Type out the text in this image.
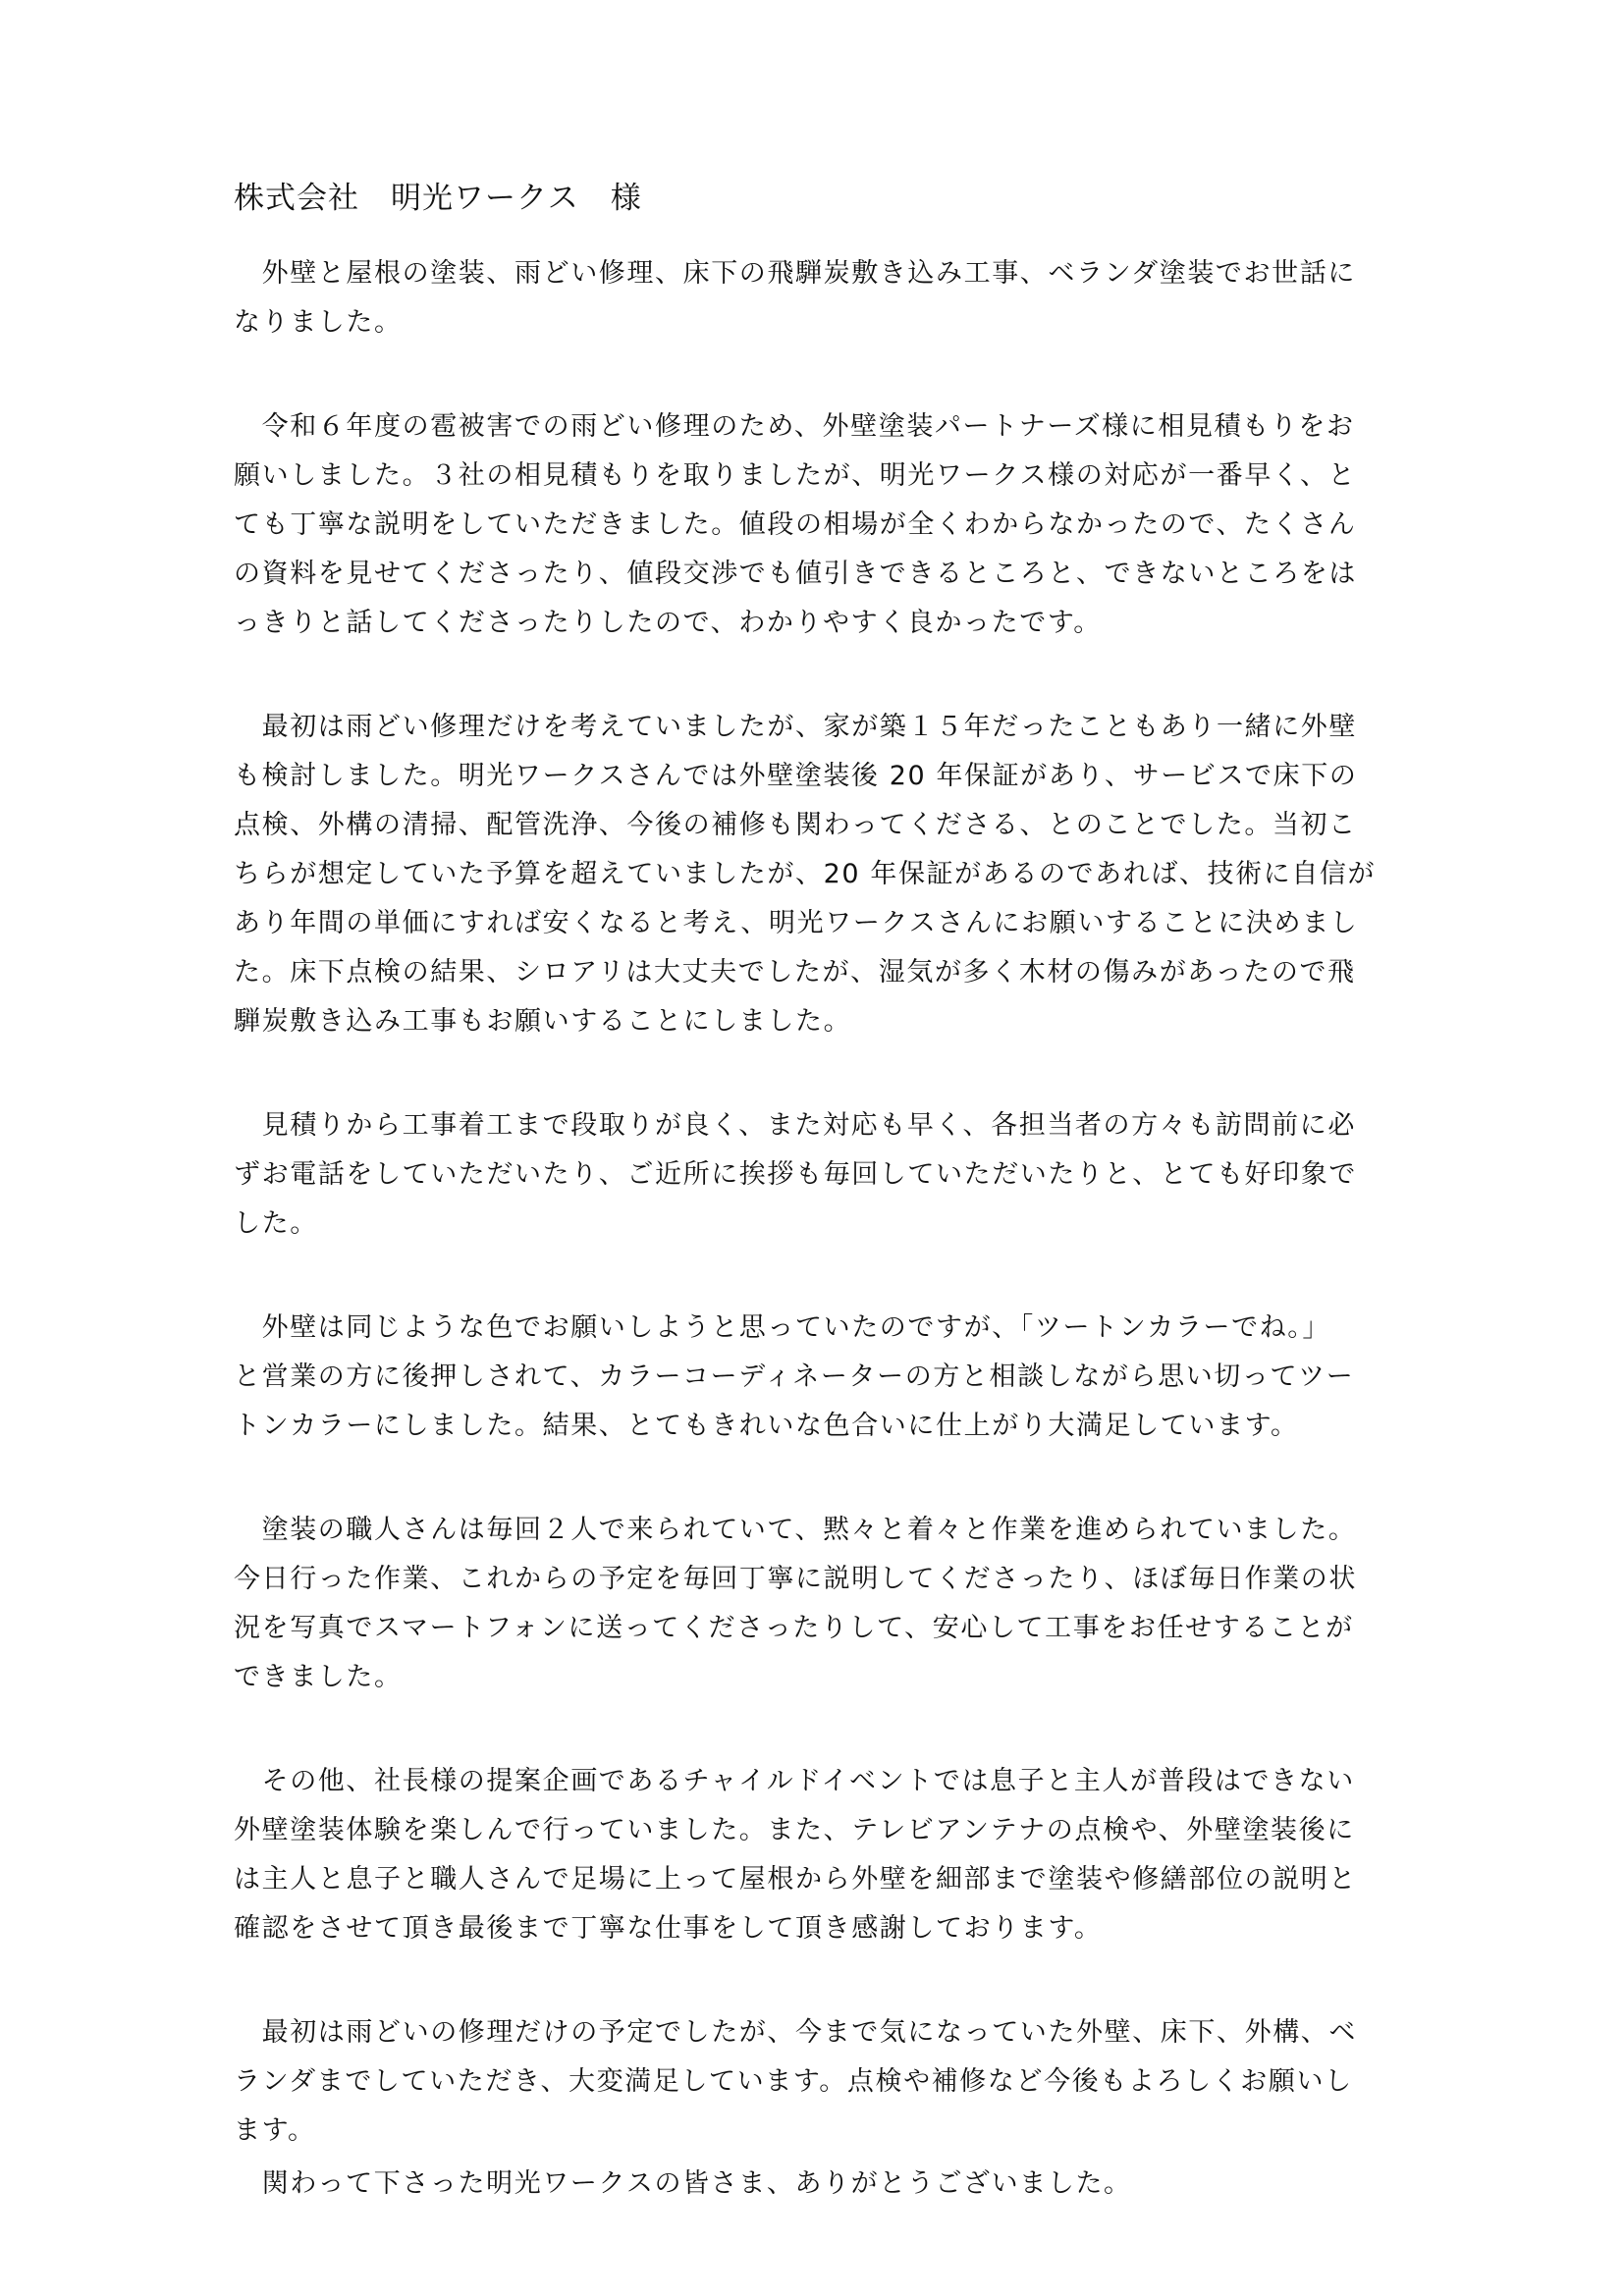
株式会社　明光ワークス　様
　外壁と屋根の塗装、雨どい修理、床下の飛騨炭敷き込み工事、ベランダ塗装でお世話に
なりました。
　令和６年度の雹被害での雨どい修理のため、外壁塗装パートナーズ様に相見積もりをお
願いしました。３社の相見積もりを取りましたが、明光ワークス様の対応が一番早く、と
ても丁寧な説明をしていただきました。値段の相場が全くわからなかったので、たくさん
の資料を見せてくださったり、値段交渉でも値引きできるところと、できないところをは
っきりと話してくださったりしたので、わかりやすく良かったです。
　最初は雨どい修理だけを考えていましたが、家が築１５年だったこともあり一緒に外壁
も検討しました。明光ワークスさんでは外壁塗装後 20 年保証があり、サービスで床下の
点検、外構の清掃、配管洗浄、今後の補修も関わってくださる、とのことでした。当初こ
ちらが想定していた予算を超えていましたが、20 年保証があるのであれば、技術に自信が
あり年間の単価にすれば安くなると考え、明光ワークスさんにお願いすることに決めまし
た。床下点検の結果、シロアリは大丈夫でしたが、湿気が多く木材の傷みがあったので飛
騨炭敷き込み工事もお願いすることにしました。
　見積りから工事着工まで段取りが良く、また対応も早く、各担当者の方々も訪問前に必
ずお電話をしていただいたり、ご近所に挨拶も毎回していただいたりと、とても好印象で
した。
　外壁は同じような色でお願いしようと思っていたのですが、「ツートンカラーでね。」
と営業の方に後押しされて、カラーコーディネーターの方と相談しながら思い切ってツー
トンカラーにしました。結果、とてもきれいな色合いに仕上がり大満足しています。
　塗装の職人さんは毎回２人で来られていて、黙々と着々と作業を進められていました。
今日行った作業、これからの予定を毎回丁寧に説明してくださったり、ほぼ毎日作業の状
況を写真でスマートフォンに送ってくださったりして、安心して工事をお任せすることが
できました。
　その他、社長様の提案企画であるチャイルドイベントでは息子と主人が普段はできない
外壁塗装体験を楽しんで行っていました。また、テレビアンテナの点検や、外壁塗装後に
は主人と息子と職人さんで足場に上って屋根から外壁を細部まで塗装や修繕部位の説明と
確認をさせて頂き最後まで丁寧な仕事をして頂き感謝しております。
　最初は雨どいの修理だけの予定でしたが、今まで気になっていた外壁、床下、外構、ベ
ランダまでしていただき、大変満足しています。点検や補修など今後もよろしくお願いし
ます。
　関わって下さった明光ワークスの皆さま、ありがとうございました。
